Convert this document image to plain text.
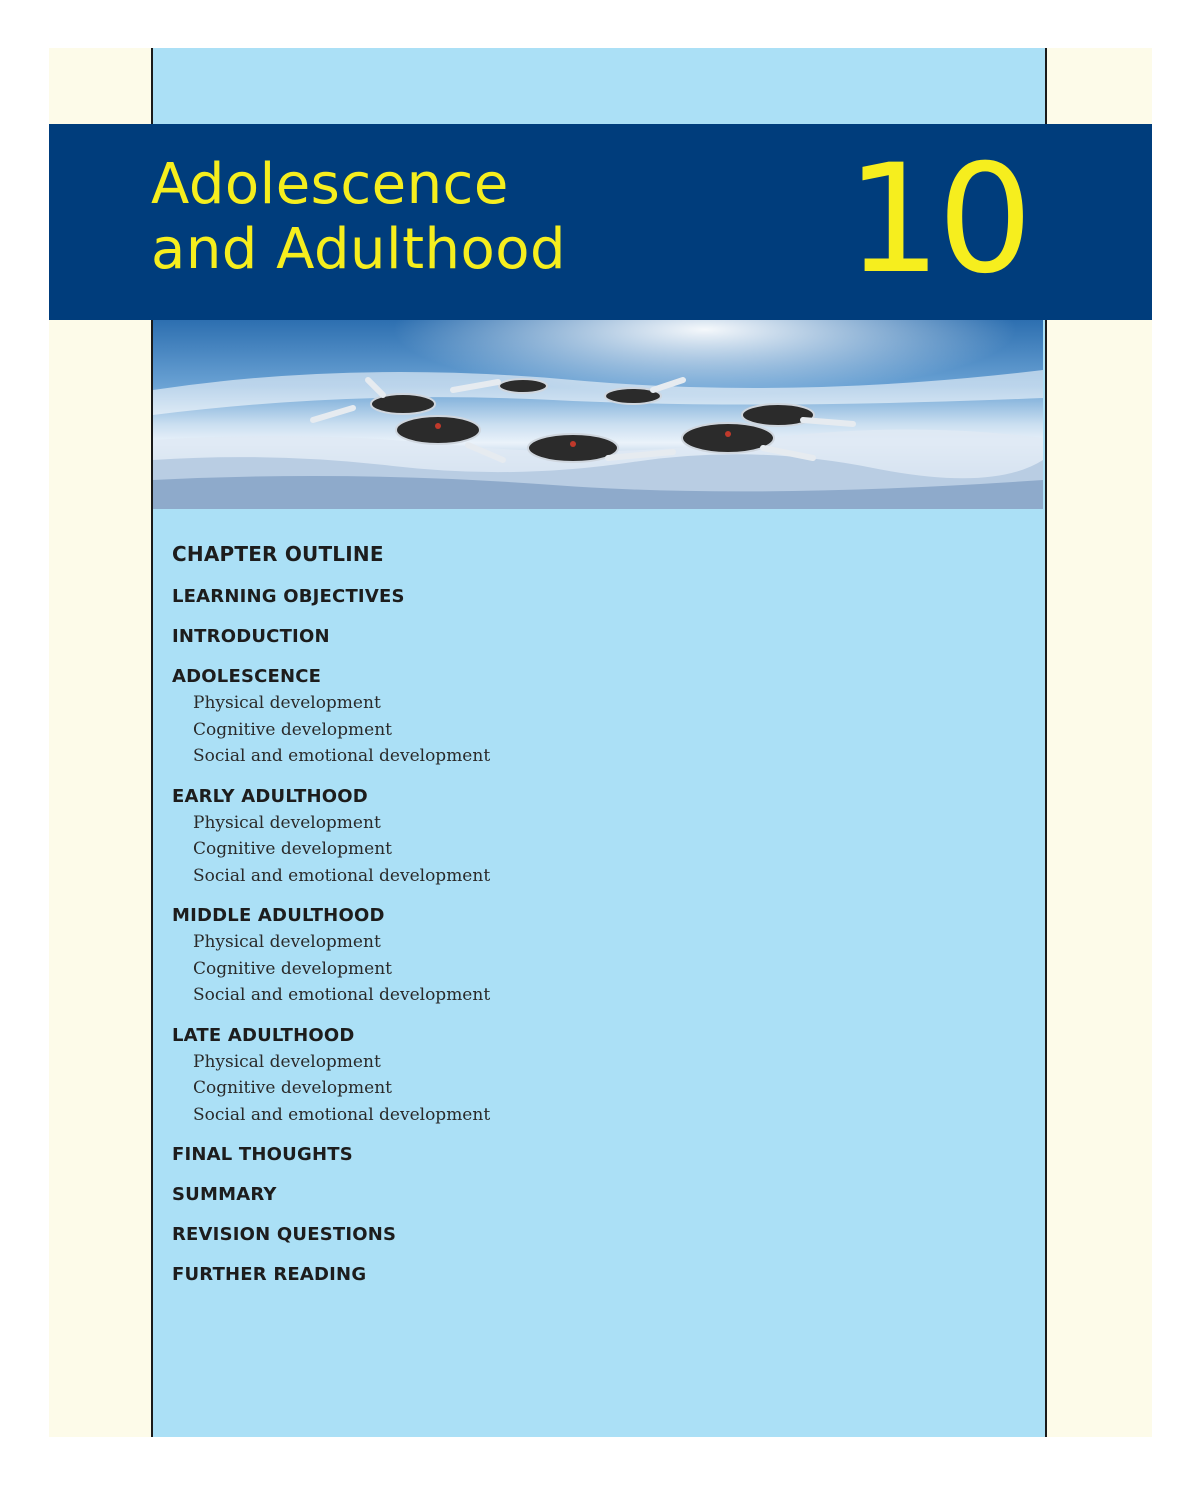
Adolescence
and Adulthood 10
CHAPTER OUTLINE
LEARNING OBJECTIVES
INTRODUCTION
ADOLESCENCE
Physical development
Cognitive development
Social and emotional development
EARLY ADULTHOOD
Physical development
Cognitive development
Social and emotional development
MIDDLE ADULTHOOD
Physical development
Cognitive development
Social and emotional development
LATE ADULTHOOD
Physical development
Cognitive development
Social and emotional development
FINAL THOUGHTS
SUMMARY
REVISION QUESTIONS
FURTHER READING
